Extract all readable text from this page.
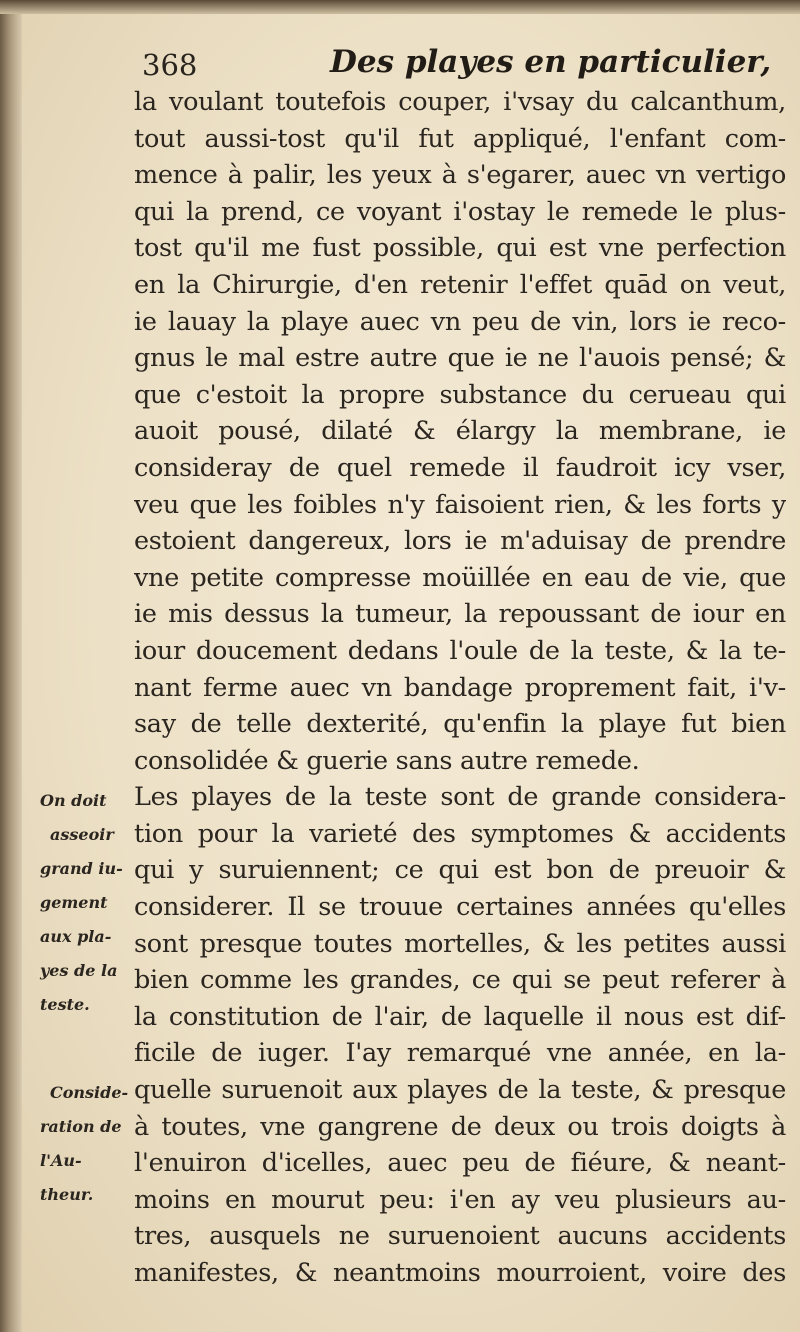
368	Des playes en particulier,
la voulant toutefois couper, i'vsay du calcanthum,
tout aussi-tost qu'il fut appliqué, l'enfant com-
mence à palir, les yeux à s'egarer, auec vn vertigo
qui la prend, ce voyant i'ostay le remede le plus-
tost qu'il me fust possible, qui est vne perfection
en la Chirurgie, d'en retenir l'effet quād on veut,
ie lauay la playe auec vn peu de vin, lors ie reco-
gnus le mal estre autre que ie ne l'auois pensé; &
que c'estoit la propre substance du cerueau qui
auoit pousé, dilaté & élargy la membrane, ie
consideray de quel remede il faudroit icy vser,
veu que les foibles n'y faisoient rien, & les forts y
estoient dangereux, lors ie m'aduisay de prendre
vne petite compresse moüillée en eau de vie, que
ie mis dessus la tumeur, la repoussant de iour en
iour doucement dedans l'oule de la teste, & la te-
nant ferme auec vn bandage proprement fait, i'v-
say de telle dexterité, qu'enfin la playe fut bien
consolidée & guerie sans autre remede.
Les playes de la teste sont de grande considera-
tion pour la varieté des symptomes & accidents
qui y suruiennent; ce qui est bon de preuoir &
considerer. Il se trouue certaines années qu'elles
sont presque toutes mortelles, & les petites aussi
bien comme les grandes, ce qui se peut referer à
la constitution de l'air, de laquelle il nous est dif-
ficile de iuger. I'ay remarqué vne année, en la-
quelle suruenoit aux playes de la teste, & presque
à toutes, vne gangrene de deux ou trois doigts à
l'enuiron d'icelles, auec peu de fiéure, & neant-
moins en mourut peu: i'en ay veu plusieurs au-
tres, ausquels ne suruenoient aucuns accidents
manifestes, & neantmoins mourroient, voire des
On doit
asseoir
grand iu-
gement
aux pla-
yes de la
teste.
Conside-
ration de
l'Au-
theur.
